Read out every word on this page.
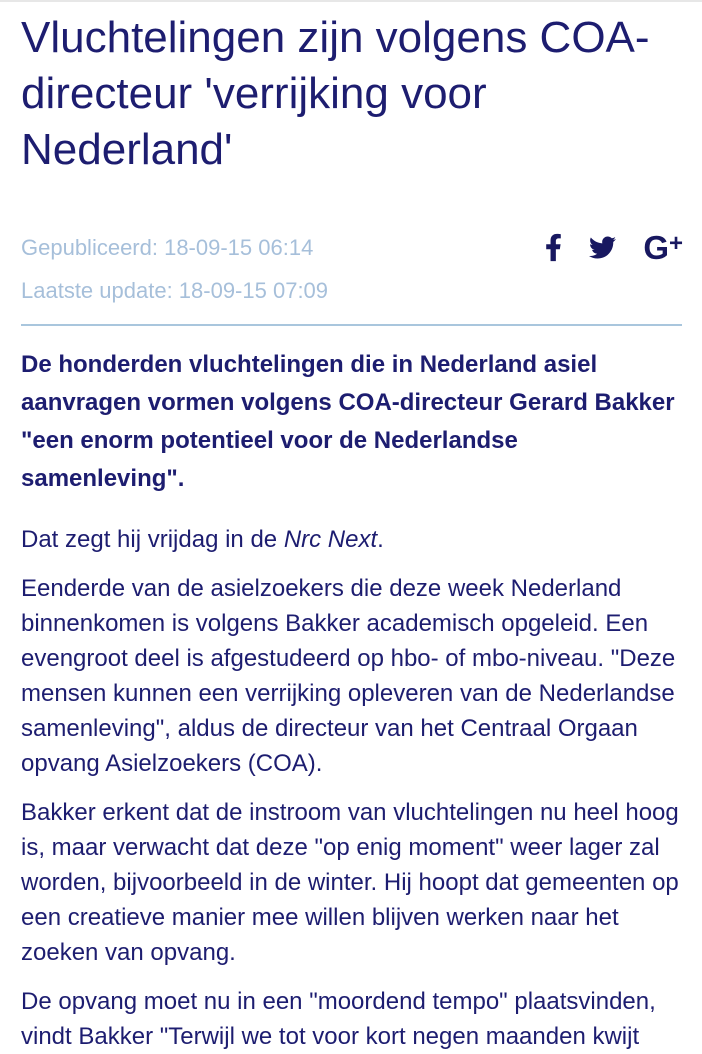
Vluchtelingen zijn volgens COA-directeur 'verrijking voor Nederland'
Gepubliceerd: 18-09-15 06:14
Laatste update: 18-09-15 07:09
G +

De honderden vluchtelingen die in Nederland asiel aanvragen vormen volgens COA-directeur Gerard Bakker "een enorm potentieel voor de Nederlandse samenleving".

Dat zegt hij vrijdag in de Nrc Next.

Eenderde van de asielzoekers die deze week Nederland binnenkomen is volgens Bakker academisch opgeleid. Een evengroot deel is afgestudeerd op hbo- of mbo-niveau. "Deze mensen kunnen een verrijking opleveren van de Nederlandse samenleving", aldus de directeur van het Centraal Orgaan opvang Asielzoekers (COA).

Bakker erkent dat de instroom van vluchtelingen nu heel hoog is, maar verwacht dat deze "op enig moment" weer lager zal worden, bijvoorbeeld in de winter. Hij hoopt dat gemeenten op een creatieve manier mee willen blijven werken naar het zoeken van opvang.

De opvang moet nu in een "moordend tempo" plaatsvinden, vindt Bakker "Terwijl we tot voor kort negen maanden kwijt
